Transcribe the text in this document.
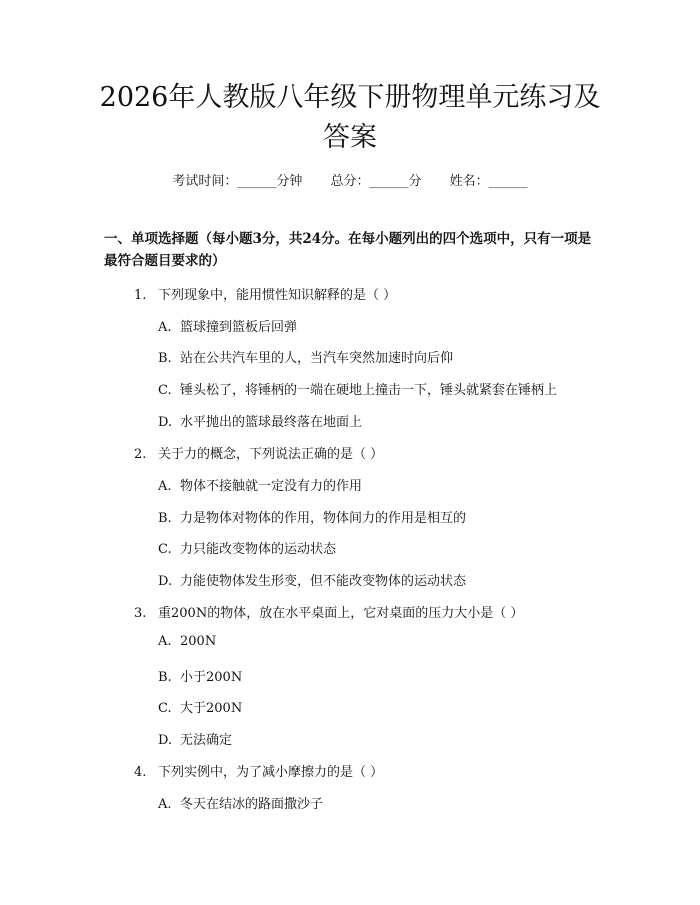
2026年人教版八年级下册物理单元练习及答案
考试时间：______分钟 总分：______分 姓名：______
一、单项选择题（每小题3分，共24分。在每小题列出的四个选项中，只有一项是最符合题目要求的）
1. 下列现象中，能用惯性知识解释的是（ ）
A. 篮球撞到篮板后回弹
B. 站在公共汽车里的人，当汽车突然加速时向后仰
C. 锤头松了，将锤柄的一端在硬地上撞击一下，锤头就紧套在锤柄上
D. 水平抛出的篮球最终落在地面上
2. 关于力的概念，下列说法正确的是（ ）
A. 物体不接触就一定没有力的作用
B. 力是物体对物体的作用，物体间力的作用是相互的
C. 力只能改变物体的运动状态
D. 力能使物体发生形变，但不能改变物体的运动状态
3. 重200N的物体，放在水平桌面上，它对桌面的压力大小是（ ）
A. 200N
B. 小于200N
C. 大于200N
D. 无法确定
4. 下列实例中，为了减小摩擦力的是（ ）
A. 冬天在结冰的路面撒沙子
